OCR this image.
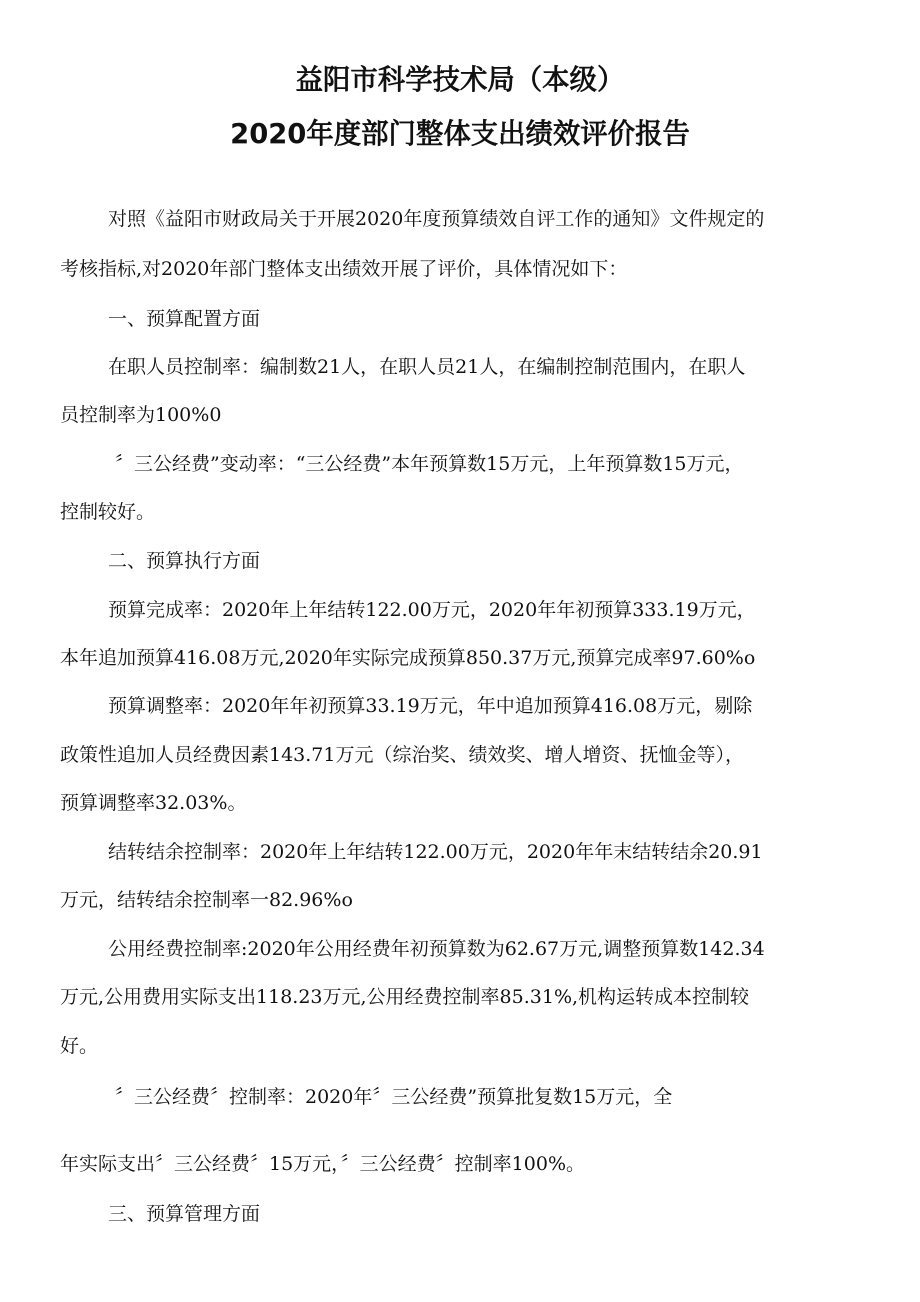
益阳市科学技术局（本级）
2020年度部门整体支出绩效评价报告
对照《益阳市财政局关于开展2020年度预算绩效自评工作的通知》文件规定的
考核指标,对2020年部门整体支出绩效开展了评价，具体情况如下：
一、预算配置方面
在职人员控制率：编制数21人，在职人员21人，在编制控制范围内，在职人
员控制率为100%0
〞三公经费”变动率：“三公经费”本年预算数15万元，上年预算数15万元，
控制较好。
二、预算执行方面
预算完成率：2020年上年结转122.00万元，2020年年初预算333.19万元，
本年追加预算416.08万元,2020年实际完成预算850.37万元,预算完成率97.60%o
预算调整率：2020年年初预算33.19万元，年中追加预算416.08万元，剔除
政策性追加人员经费因素143.71万元（综治奖、绩效奖、增人增资、抚恤金等），
预算调整率32.03%。
结转结余控制率：2020年上年结转122.00万元，2020年年末结转结余20.91
万元，结转结余控制率一82.96%o
公用经费控制率:2020年公用经费年初预算数为62.67万元,调整预算数142.34
万元,公用费用实际支出118.23万元,公用经费控制率85.31%,机构运转成本控制较
好。
〞三公经费〞控制率：2020年〞三公经费”预算批复数15万元，全
年实际支出〞三公经费〞15万元，〞三公经费〞控制率100%。
三、预算管理方面
